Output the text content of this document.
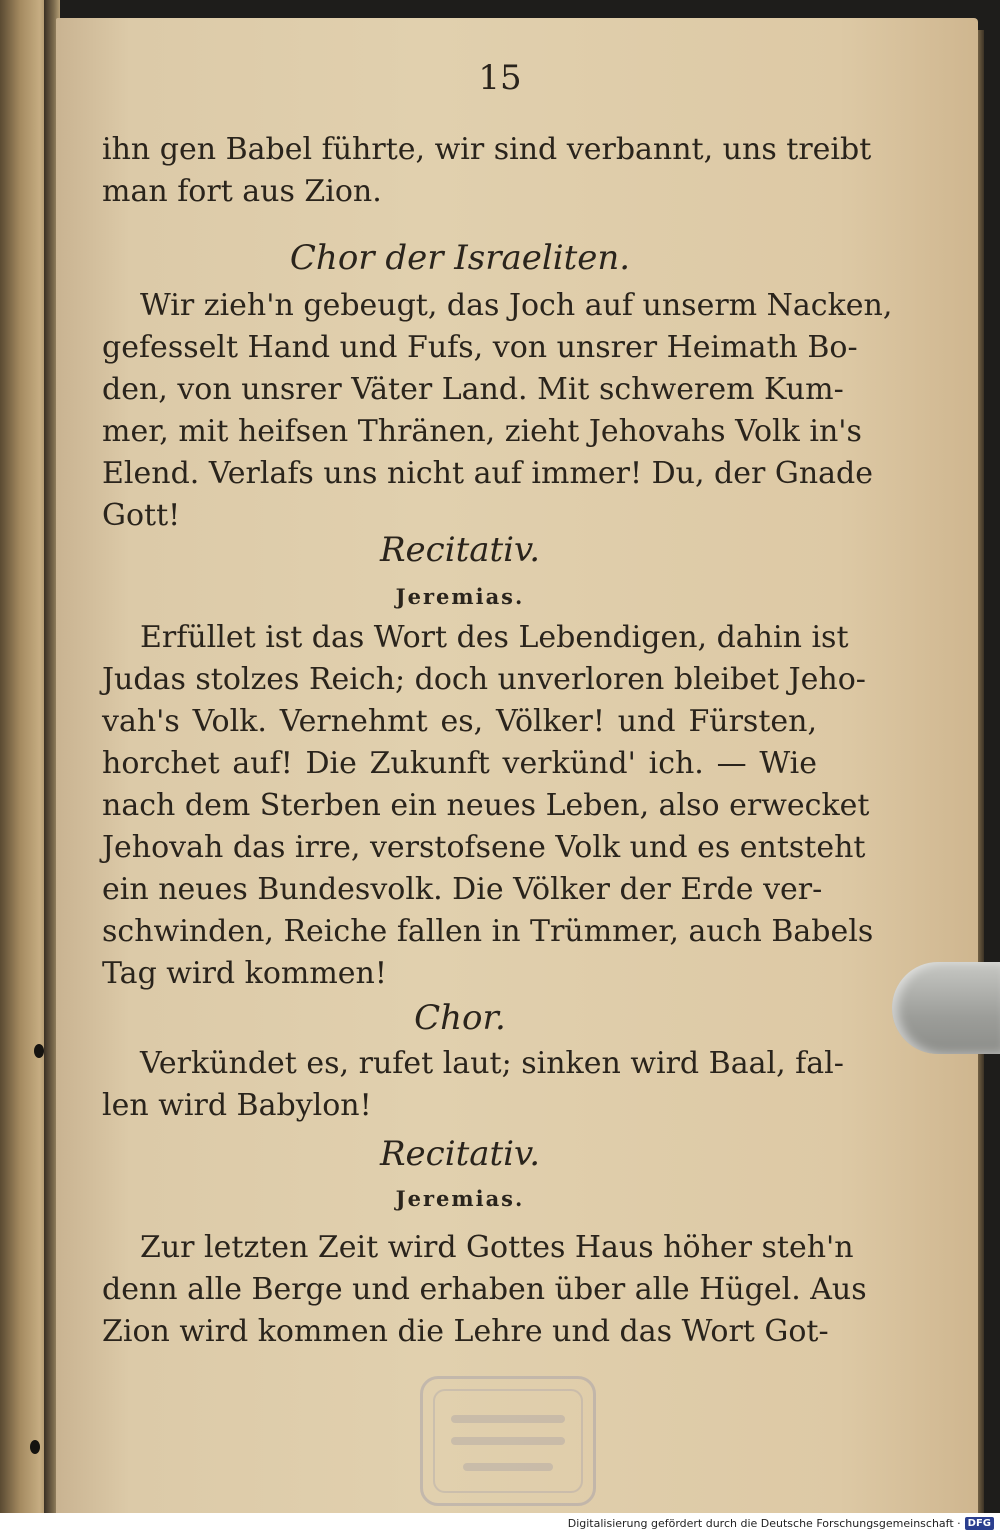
15
ihn gen Babel führte, wir sind verbannt, uns treibt
man fort aus Zion.
Chor der Israeliten.
Wir zieh'n gebeugt, das Joch auf unserm Nacken,
gefesselt Hand und Fufs, von unsrer Heimath Bo-
den, von unsrer Väter Land. Mit schwerem Kum-
mer, mit heifsen Thränen, zieht Jehovahs Volk in's
Elend. Verlafs uns nicht auf immer! Du, der Gnade
Gott!
Recitativ.
Jeremias.
Erfüllet ist das Wort des Lebendigen, dahin ist
Judas stolzes Reich; doch unverloren bleibet Jeho-
vah's Volk. Vernehmt es, Völker! und Fürsten,
horchet auf! Die Zukunft verkünd' ich. — Wie
nach dem Sterben ein neues Leben, also erwecket
Jehovah das irre, verstofsene Volk und es entsteht
ein neues Bundesvolk. Die Völker der Erde ver-
schwinden, Reiche fallen in Trümmer, auch Babels
Tag wird kommen!
Chor.
Verkündet es, rufet laut; sinken wird Baal, fal-
len wird Babylon!
Recitativ.
Jeremias.
Zur letzten Zeit wird Gottes Haus höher steh'n
denn alle Berge und erhaben über alle Hügel. Aus
Zion wird kommen die Lehre und das Wort Got-
Digitalisierung gefördert durch die Deutsche Forschungsgemeinschaft · DFG
